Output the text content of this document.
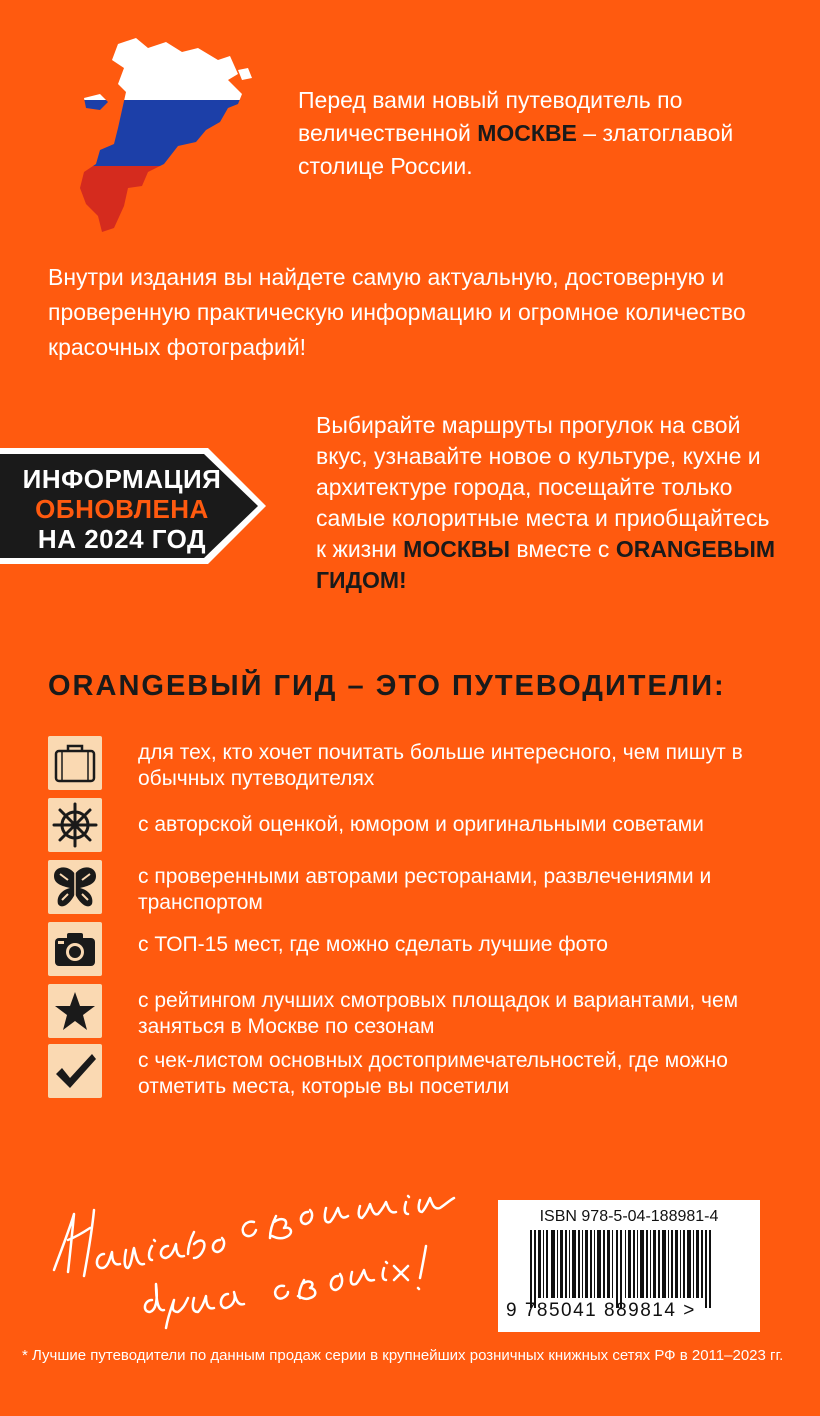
Перед вами новый путеводитель по величественной МОСКВЕ – златоглавой столице России.
Внутри издания вы найдете самую актуальную, достоверную и проверенную практическую информацию и огромное количество красочных фотографий!
ИНФОРМАЦИЯ
ОБНОВЛЕНА
НА 2024 ГОД
Выбирайте маршруты прогулок на свой вкус, узнавайте новое о культуре, кухне и архитектуре города, посещайте только самые колоритные места и приобщайтесь к жизни МОСКВЫ вместе с ORANGEВЫМ ГИДОМ!
ORANGEВЫЙ ГИД – ЭТО ПУТЕВОДИТЕЛИ:
для тех, кто хочет почитать больше интересного, чем пишут в обычных путеводителях
с авторской оценкой, юмором и оригинальными советами
с проверенными авторами ресторанами, развлечениями и транспортом
с ТОП-15 мест, где можно сделать лучшие фото
с рейтингом лучших смотровых площадок и вариантами, чем заняться в Москве по сезонам
с чек-листом основных достопримечательностей, где можно отметить места, которые вы посетили
ISBN 978-5-04-188981-4
9 785041 889814 >
* Лучшие путеводители по данным продаж серии в крупнейших розничных книжных сетях РФ в 2011–2023 гг.
